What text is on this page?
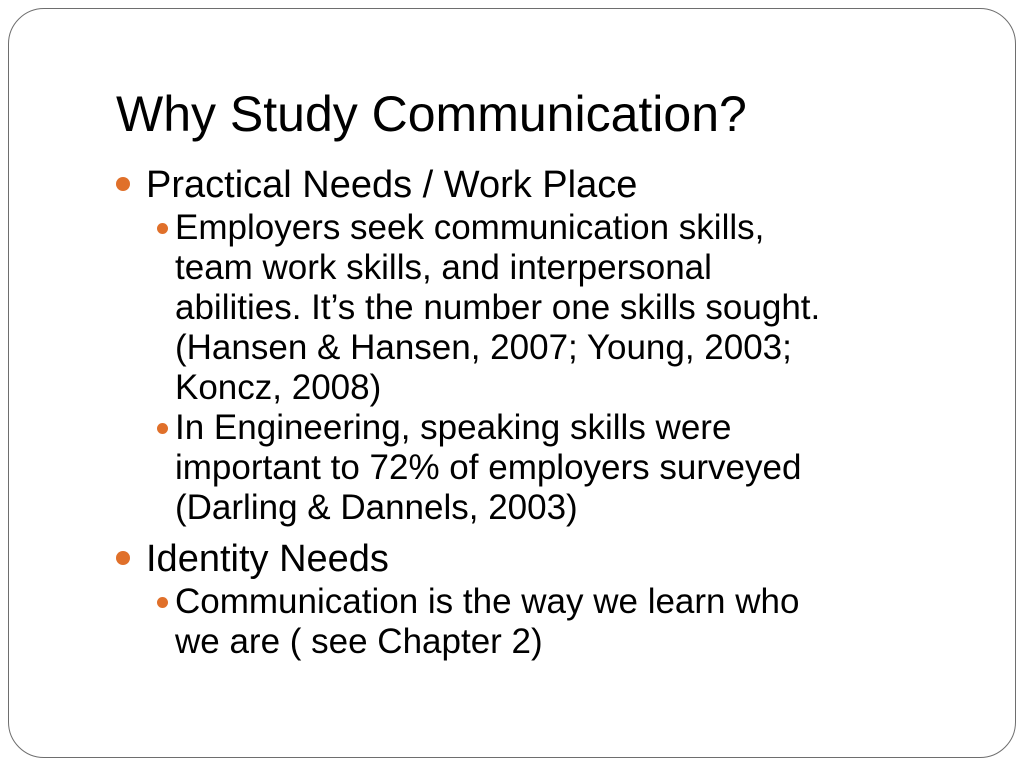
Why Study Communication?
Practical Needs / Work Place
Employers seek communication skills,
team work skills, and interpersonal
abilities. It’s the number one skills sought.
(Hansen & Hansen, 2007; Young, 2003;
Koncz, 2008)
In Engineering, speaking skills were
important to 72% of employers surveyed
(Darling & Dannels, 2003)
Identity Needs
Communication is the way we learn who
we are ( see Chapter 2)
